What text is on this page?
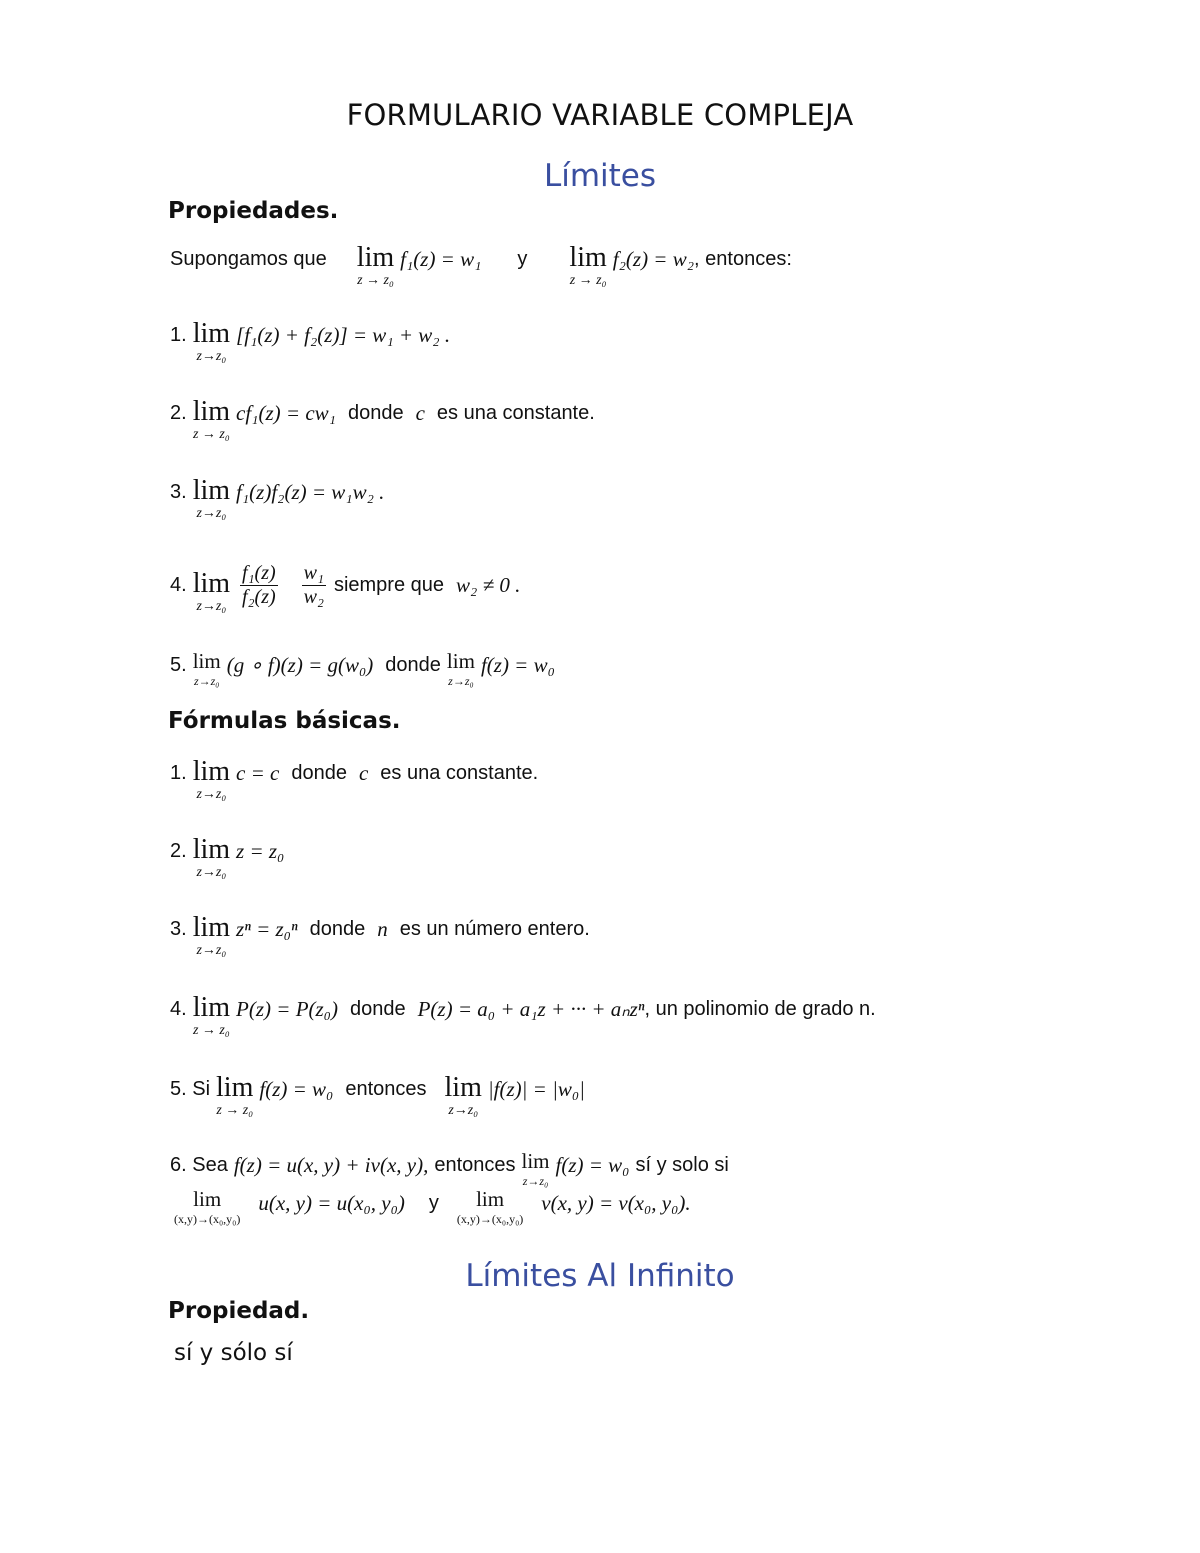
FORMULARIO VARIABLE COMPLEJA
Límites
Propiedades.
Supongamos que lim
z → z₀
f₁(z) = w₁ y lim
z → z₀
f₂(z) = w₂ , entonces:
1. lim
z→z₀
[f₁(z) + f₂(z)] = w₁ + w₂ .
2. lim
z → z₀
cf₁(z) = cw₁ donde c es una constante.
3. lim
z→z₀
f₁(z)f₂(z) = w₁w₂ .
4. lim
$z\to z_0 \frac{\text{f₁(z)}}{\text{f₂(z)}} \frac{\text{w₁}}{\text{w₂}}$ siempre que w₂ ≠ 0 .
5. lim
z→z₀
(g ∘ f)(z) = g(w₀) donde lim
z→z₀
f(z) = w₀
Fórmulas básicas.
1. lim
z→z₀
c = c donde c es una constante.
2. lim
z→z₀
z = z₀
3. lim
z→z₀
zⁿ = z₀ⁿ donde n es un número entero.
4. lim
z → z₀
P(z) = P(z₀) donde P(z) = a₀ + a₁z + ··· + aₙzⁿ , un polinomio de grado n.
5. Si lim
z → z₀
f(z) = w₀ entonces lim
z→z₀
|f(z)| = |w₀|
6. Sea f(z) = u(x, y) + iv(x, y), entonces lim
z→z₀
f(z) = w₀ sí y solo si
lim
(x,y)→(x₀,y₀)
u(x, y) = u(x₀, y₀) y lim
(x,y)→(x₀,y₀)
v(x, y) = v(x₀, y₀).
Límites Al Infinito
Propiedad.
sí y sólo sí
